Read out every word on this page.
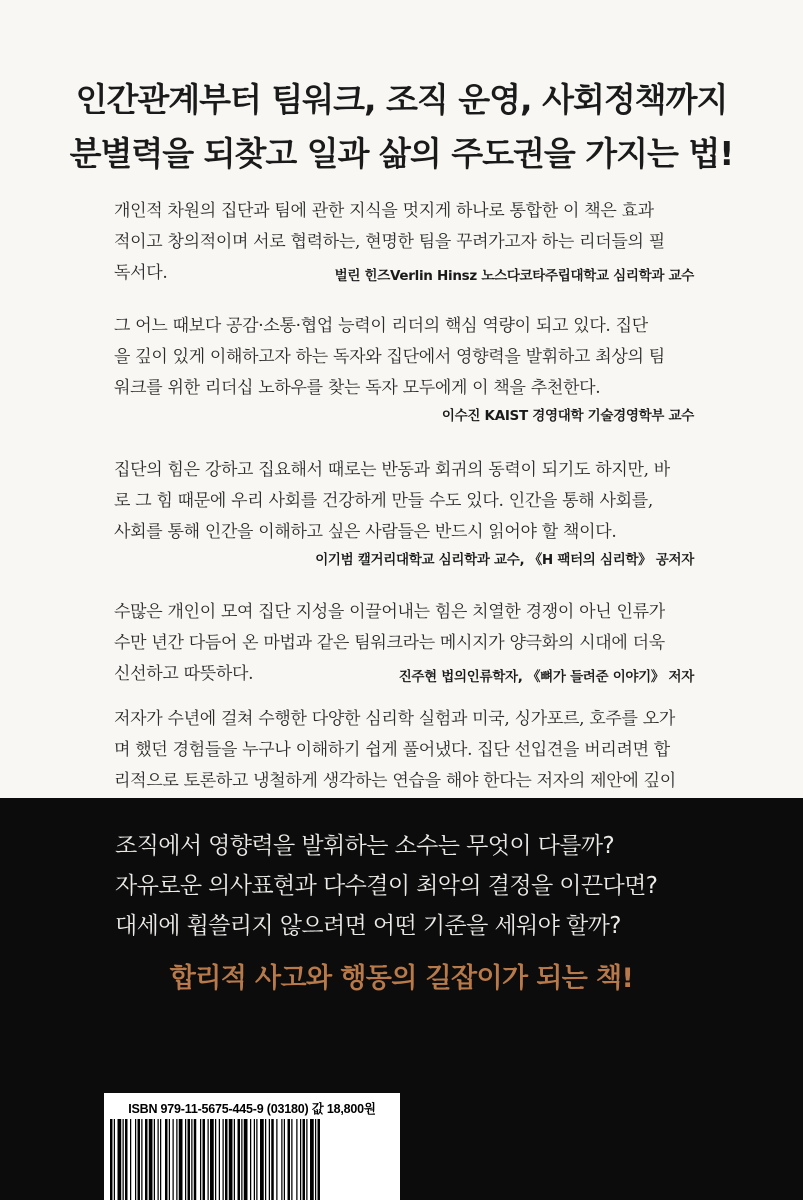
인간관계부터 팀워크, 조직 운영, 사회정책까지
분별력을 되찾고 일과 삶의 주도권을 가지는 법!
개인적 차원의 집단과 팀에 관한 지식을 멋지게 하나로 통합한 이 책은 효과
적이고 창의적이며 서로 협력하는, 현명한 팀을 꾸려가고자 하는 리더들의 필
독서다.	벌린 힌즈Verlin Hinsz 노스다코타주립대학교 심리학과 교수
그 어느 때보다 공감·소통·협업 능력이 리더의 핵심 역량이 되고 있다. 집단
을 깊이 있게 이해하고자 하는 독자와 집단에서 영향력을 발휘하고 최상의 팀
워크를 위한 리더십 노하우를 찾는 독자 모두에게 이 책을 추천한다.
이수진 KAIST 경영대학 기술경영학부 교수
집단의 힘은 강하고 집요해서 때로는 반동과 회귀의 동력이 되기도 하지만, 바
로 그 힘 때문에 우리 사회를 건강하게 만들 수도 있다. 인간을 통해 사회를,
사회를 통해 인간을 이해하고 싶은 사람들은 반드시 읽어야 할 책이다.
이기범 캘거리대학교 심리학과 교수, 《H 팩터의 심리학》 공저자
수많은 개인이 모여 집단 지성을 이끌어내는 힘은 치열한 경쟁이 아닌 인류가
수만 년간 다듬어 온 마법과 같은 팀워크라는 메시지가 양극화의 시대에 더욱
신선하고 따뜻하다.	진주현 법의인류학자, 《뼈가 들려준 이야기》 저자
저자가 수년에 걸쳐 수행한 다양한 심리학 실험과 미국, 싱가포르, 호주를 오가
며 했던 경험들을 누구나 이해하기 쉽게 풀어냈다. 집단 선입견을 버리려면 합
리적으로 토론하고 냉철하게 생각하는 연습을 해야 한다는 저자의 제안에 깊이
조직에서 영향력을 발휘하는 소수는 무엇이 다를까?
자유로운 의사표현과 다수결이 최악의 결정을 이끈다면?
대세에 휩쓸리지 않으려면 어떤 기준을 세워야 할까?
합리적 사고와 행동의 길잡이가 되는 책!
ISBN 979-11-5675-445-9 (03180) 값 18,800원
